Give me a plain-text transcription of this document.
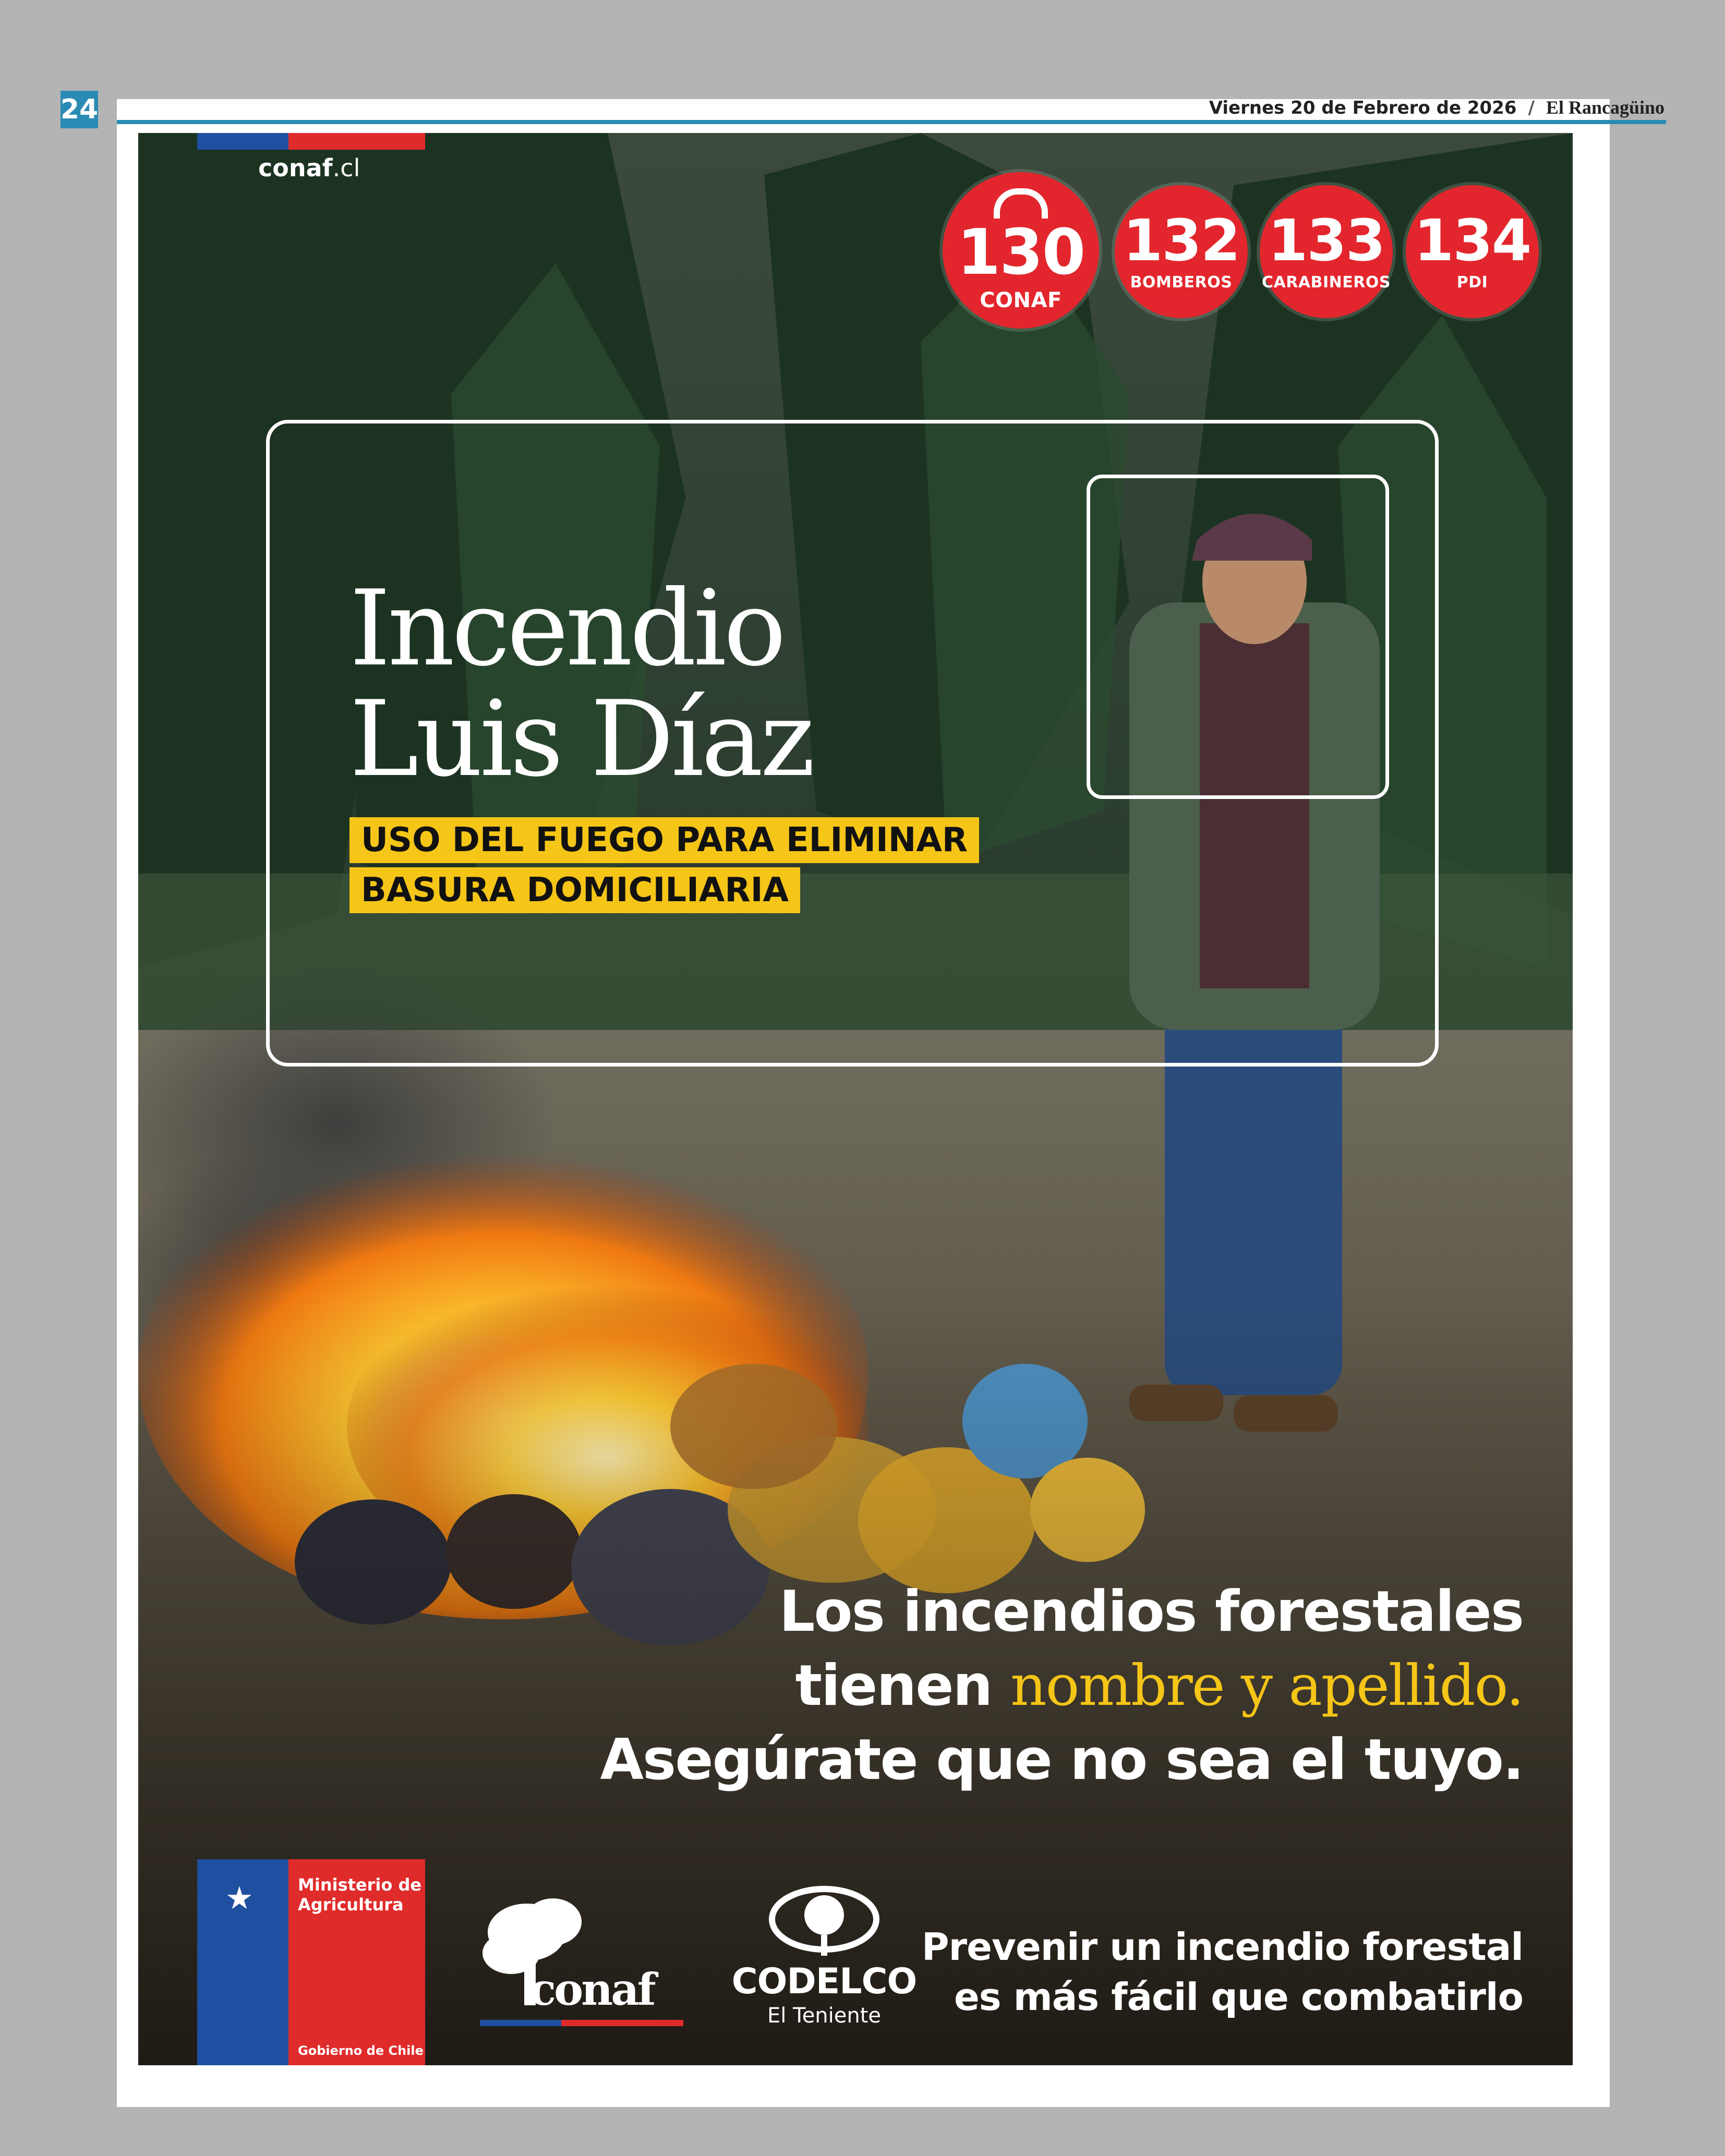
24	Viernes 20 de Febrero de 2026 / El Rancagüino
conaf.cl
130
CONAF
132
BOMBEROS
133
CARABINEROS
134
PDI
Incendio
Luis Díaz
USO DEL FUEGO PARA ELIMINAR
BASURA DOMICILIARIA
Los incendios forestales
tienen nombre y apellido.
Asegúrate que no sea el tuyo.
★	Ministerio de
Agricultura
Gobierno de Chile
conaf CODELCO
El Teniente
Prevenir un incendio forestal
es más fácil que combatirlo
